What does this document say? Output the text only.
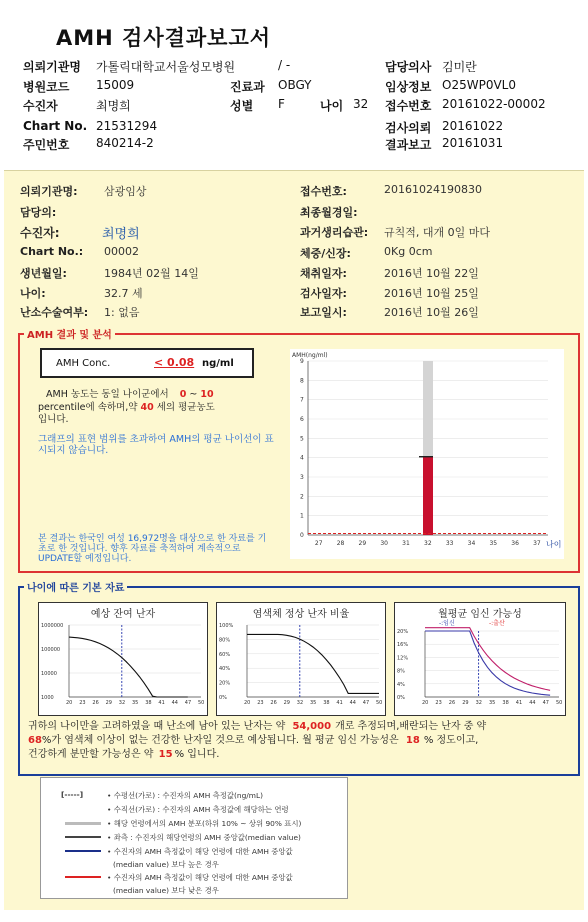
AMH 검사결과보고서
의뢰기관명 가톨릭대학교서울성모병원	/ -	담당의사 김미란
병원코드 15009	진료과 OBGY	임상정보 O25WP0VL0
수진자	최명희	성별 F	나이 32 접수번호 20161022-00002
Chart No. 21531294	검사의뢰 20161022
주민번호 840214-2	결과보고 20161031
의뢰기관명: 삼광임상	접수번호:	20161024190830
담당의:	최종월경일:
수진자:	최명희	과거생리습관: 규칙적, 대개 0일 마다
Chart No.: 00002	체중/신장:	0Kg 0cm
생년월일:	1984년 02월 14일	채취일자:	2016년 10월 22일
나이:	32.7 세	검사일자:	2016년 10월 25일
난소수술여부: 1: 없음	보고일시:	2016년 10월 26일
AMH Conc.	< 0.08 ng/ml
AMH 농도는 동일 나이군에서 0 ~ 10
percentile에 속하며,약 40 세의 평균농도
입니다.
그래프의 표현 범위를 초과하여 AMH의 평균 나이선이 표시되지 않습니다.
본 결과는 한국인 여성 16,972명을 대상으로 한 자료를 기초로 한 것입니다. 향후 자료를 축적하여 계속적으로 UPDATE할 예정입니다.
AMH(ng/ml)
0
1
2
3
4
5
6
7
8
9
27 28 29 30 31 32 33 34 35 36 37 나이
AMH 결과 및 분석
예상 잔여 난자
1000000
100000
10000
1000
20 23 26 29 32 35 38 41 44 47 50
염색체 정상 난자 비율
100%
80%
60%
40%
20%
0%
20 23 26 29 32 35 38 41 44 47 50
월평균 임신 가능성
20%
16%
12%
8%
4%
0%
20 23 26 29 32 35 38 41 44 47 50
-:임신	-:출산
귀하의 나이만을 고려하였을 때 난소에 남아 있는 난자는 약 54,000 개로 추정되며,배란되는 난자 중 약
68%가 염색체 이상이 없는 건강한 난자일 것으로 예상됩니다. 월 평균 임신 가능성은 18 % 정도이고,
건강하게 분만할 가능성은 약 15 % 입니다.
나이에 따른 기본 자료
[-----]	• 수평선(가로) : 수진자의 AMH 측정값(ng/mL)
• 수직선(가로) : 수진자의 AMH 측정값에 해당하는 연령
• 해당 연령에서의 AMH 분포(하위 10% ~ 상위 90% 표시)
• 좌측 : 수진자의 해당연령의 AMH 중앙값(median value)
• 수진자의 AMH 측정값이 해당 연령에 대한 AMH 중앙값
(median value) 보다 높은 경우
• 수진자의 AMH 측정값이 해당 연령에 대한 AMH 중앙값
(median value) 보다 낮은 경우
